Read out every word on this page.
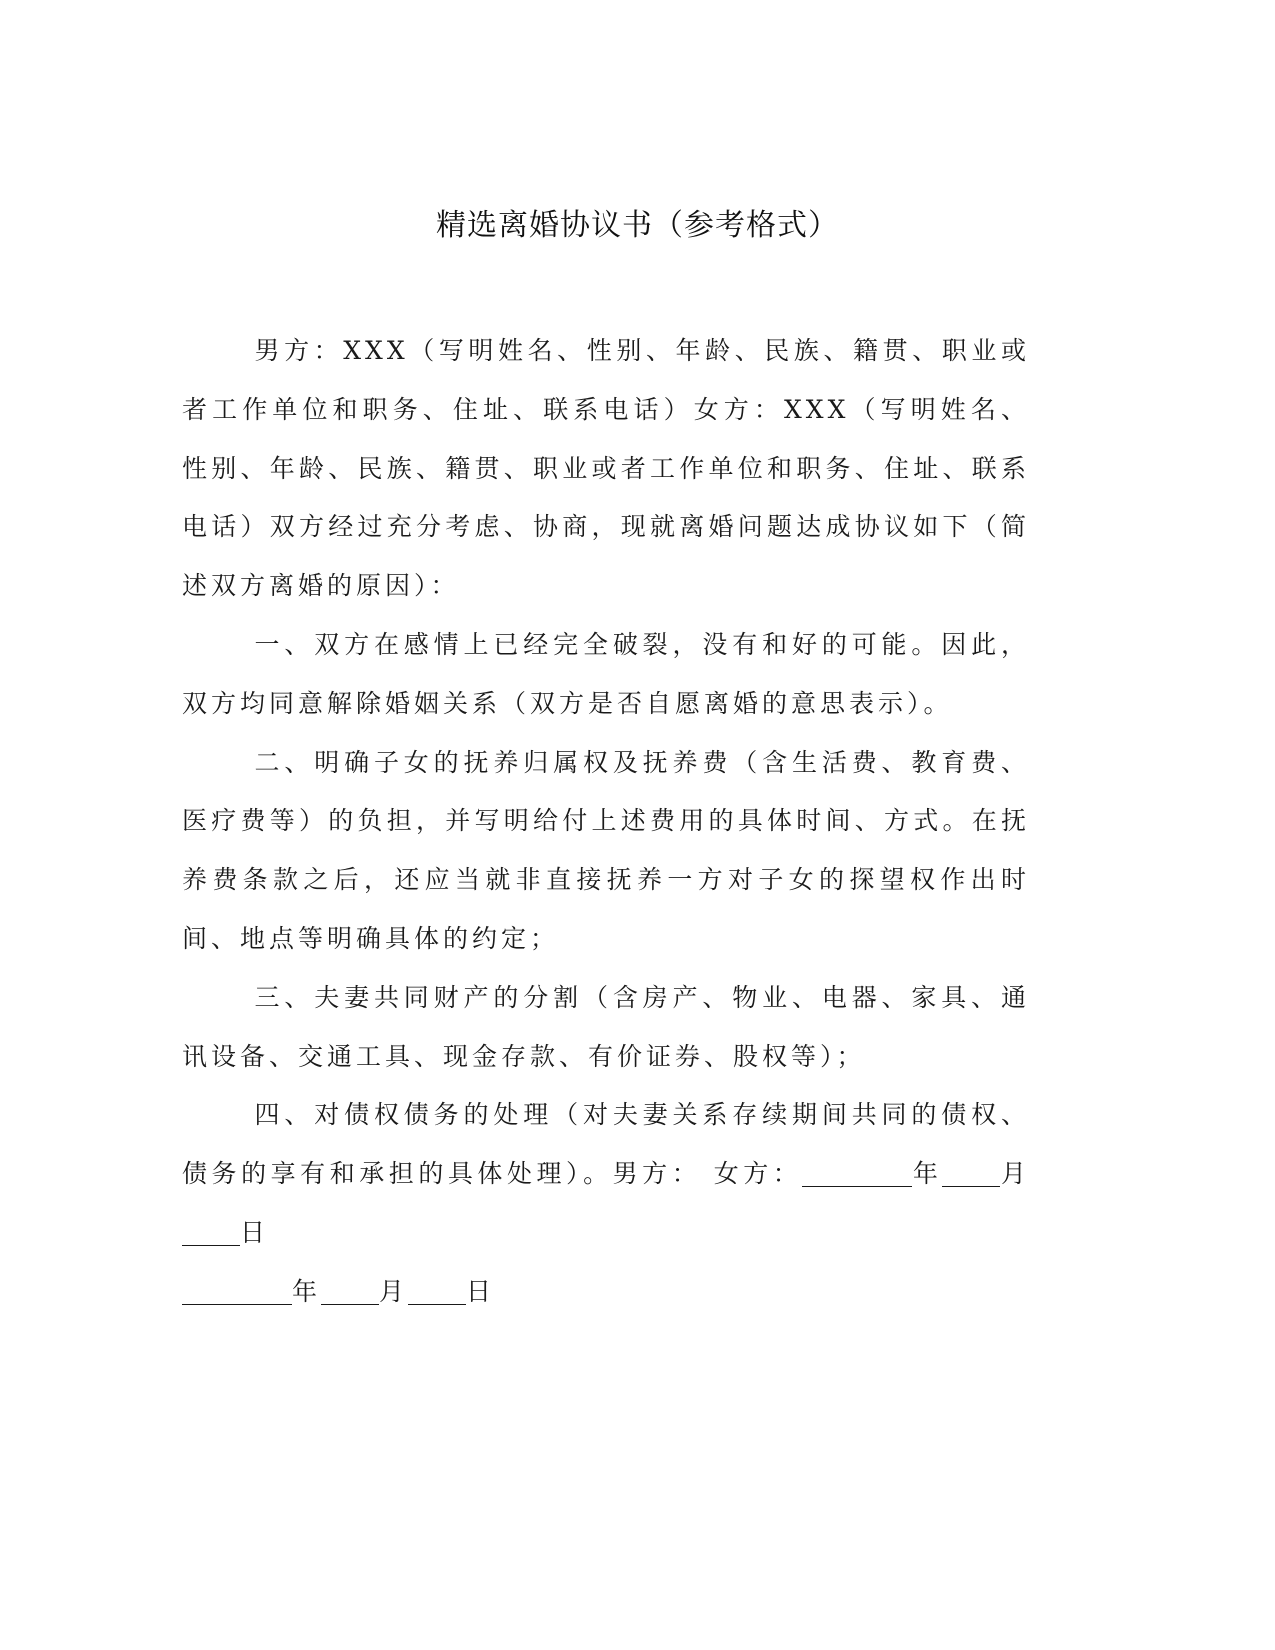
精选离婚协议书（参考格式）

男方：XXX（写明姓名、性别、年龄、民族、籍贯、职业或者工作单位和职务、住址、联系电话）女方：XXX（写明姓名、性别、年龄、民族、籍贯、职业或者工作单位和职务、住址、联系电话）双方经过充分考虑、协商，现就离婚问题达成协议如下（简述双方离婚的原因）：

一、双方在感情上已经完全破裂，没有和好的可能。因此，双方均同意解除婚姻关系（双方是否自愿离婚的意思表示）。

二、明确子女的抚养归属权及抚养费（含生活费、教育费、医疗费等）的负担，并写明给付上述费用的具体时间、方式。在抚养费条款之后，还应当就非直接抚养一方对子女的探望权作出时间、地点等明确具体的约定；

三、夫妻共同财产的分割（含房产、物业、电器、家具、通讯设备、交通工具、现金存款、有价证券、股权等）；

四、对债权债务的处理（对夫妻关系存续期间共同的债权、债务的享有和承担的具体处理）。男方： 女方：	年 月日

年 月 日
